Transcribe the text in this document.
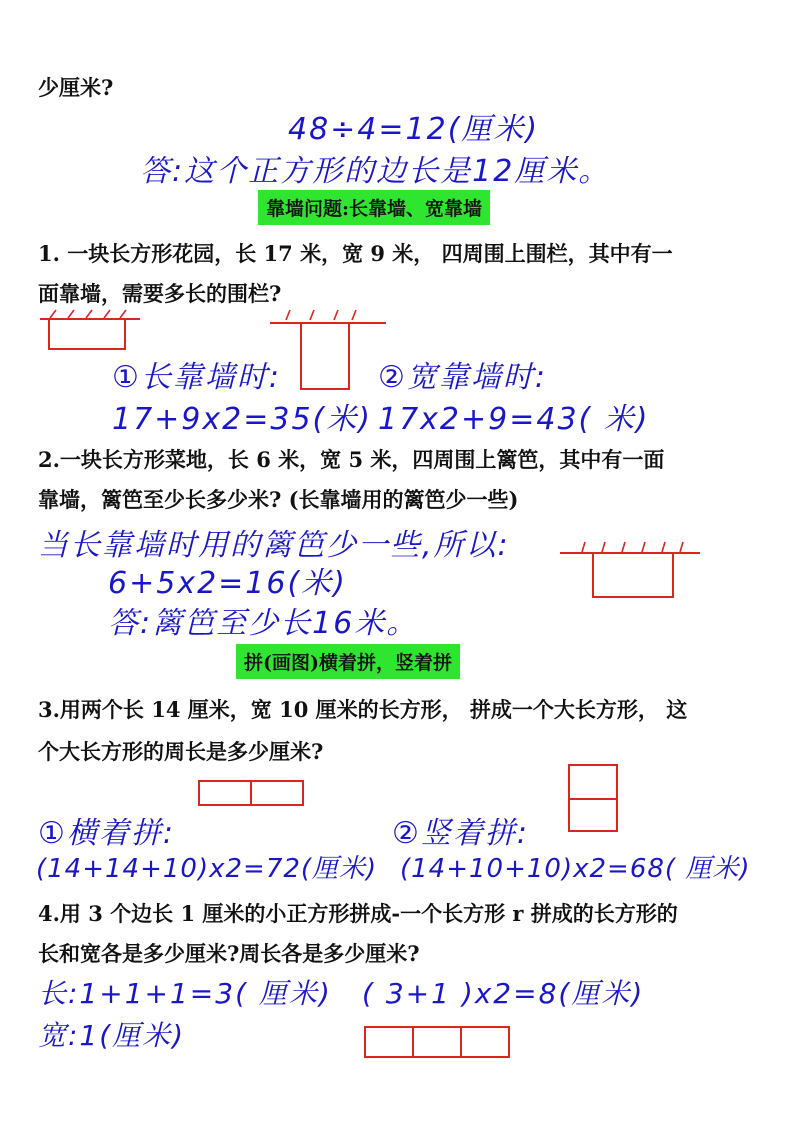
少厘米?
48÷4=12(厘米)
答:这个正方形的边长是12厘米。
靠墙问题:长靠墙、宽靠墙
1. 一块长方形花园，长 17 米，宽 9 米， 四周围上围栏，其中有一
面靠墙，需要多长的围栏?
①长靠墙时:	②宽靠墙时:
17+9x2=35(米) 17x2+9=43( 米)
2.一块长方形菜地，长 6 米，宽 5 米，四周围上篱笆，其中有一面
靠墙，篱笆至少长多少米? (长靠墙用的篱笆少一些)
当长靠墙时用的篱笆少一些,所以:
6+5x2=16(米)
答:篱笆至少长16米。
拼(画图)横着拼，竖着拼
3.用两个长 14 厘米，宽 10 厘米的长方形， 拼成一个大长方形， 这
个大长方形的周长是多少厘米?
①横着拼:	②竖着拼:
(14+14+10)x2=72(厘米) (14+10+10)x2=68( 厘米)
4.用 3 个边长 1 厘米的小正方形拼成-一个长方形 r 拼成的长方形的
长和宽各是多少厘米?周长各是多少厘米?
长:1+1+1=3( 厘米) ( 3+1 )x2=8(厘米)
宽:1(厘米)
